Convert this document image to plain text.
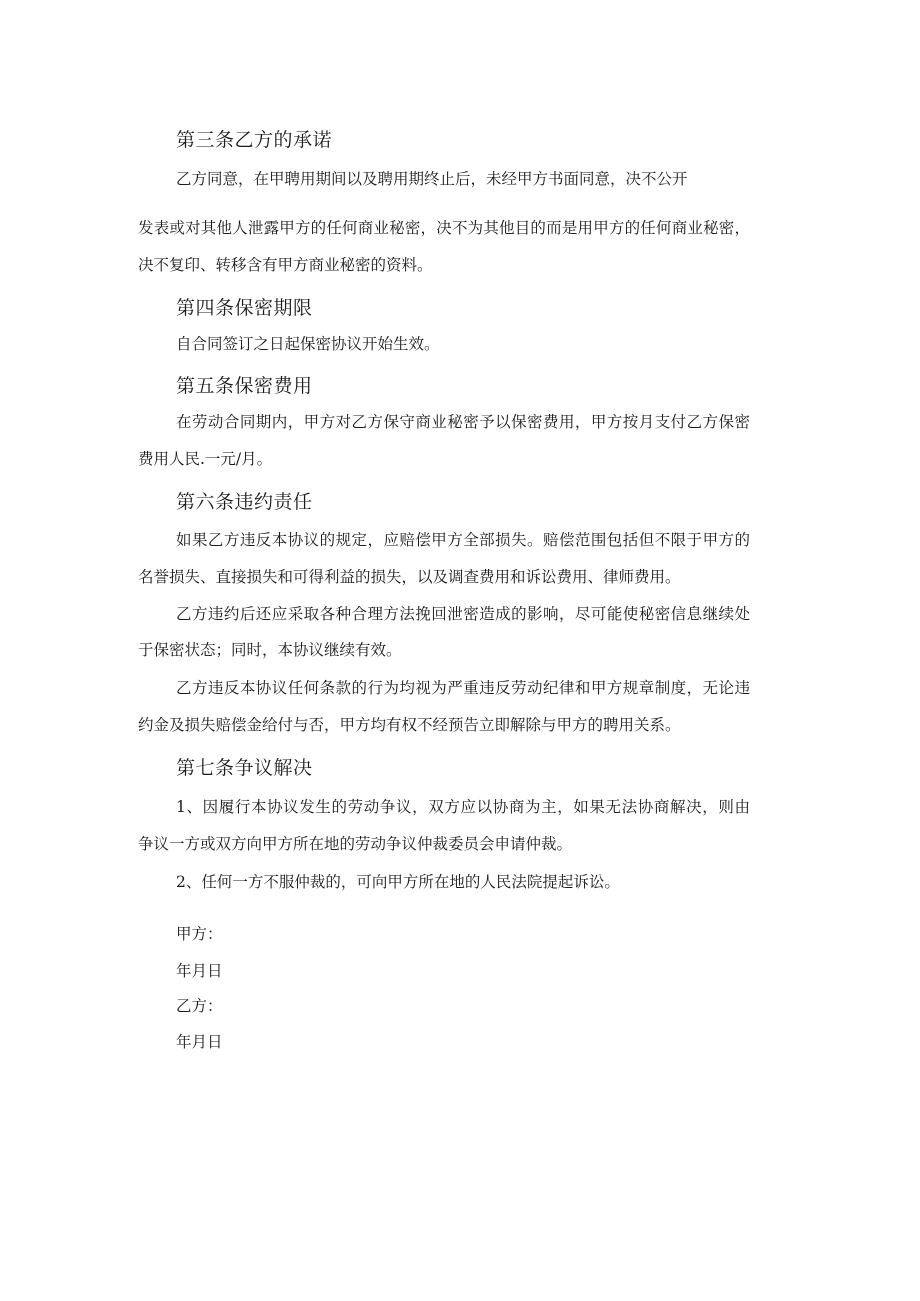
第三条乙方的承诺
乙方同意，在甲聘用期间以及聘用期终止后，未经甲方书面同意，决不公开
发表或对其他人泄露甲方的任何商业秘密，决不为其他目的而是用甲方的任何商业秘密，
决不复印、转移含有甲方商业秘密的资料。
第四条保密期限
自合同签订之日起保密协议开始生效。
第五条保密费用
在劳动合同期内，甲方对乙方保守商业秘密予以保密费用，甲方按月支付乙方保密
费用人民.一元/月。
第六条违约责任
如果乙方违反本协议的规定，应赔偿甲方全部损失。赔偿范围包括但不限于甲方的
名誉损失、直接损失和可得利益的损失，以及调查费用和诉讼费用、律师费用。
乙方违约后还应采取各种合理方法挽回泄密造成的影响，尽可能使秘密信息继续处
于保密状态；同时，本协议继续有效。
乙方违反本协议任何条款的行为均视为严重违反劳动纪律和甲方规章制度，无论违
约金及损失赔偿金给付与否，甲方均有权不经预告立即解除与甲方的聘用关系。
第七条争议解决
1、因履行本协议发生的劳动争议，双方应以协商为主，如果无法协商解决，则由
争议一方或双方向甲方所在地的劳动争议仲裁委员会申请仲裁。
2、任何一方不服仲裁的，可向甲方所在地的人民法院提起诉讼。
甲方：
年月日
乙方：
年月日
